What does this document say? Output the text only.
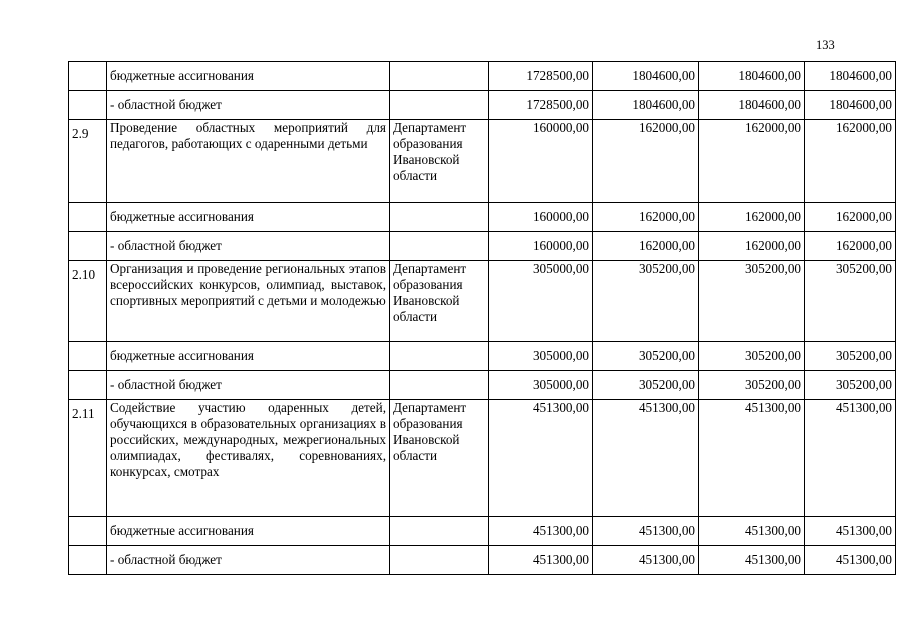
133
	бюджетные ассигнования		1728500,00	1804600,00	1804600,00	1804600,00
	- областной бюджет		1728500,00	1804600,00	1804600,00	1804600,00
2.9	Проведение областных мероприятий для педагогов, работающих с одаренными детьми	Департамент образования Ивановской области	160000,00	162000,00	162000,00	162000,00
	бюджетные ассигнования		160000,00	162000,00	162000,00	162000,00
	- областной бюджет		160000,00	162000,00	162000,00	162000,00
2.10	Организация и проведение региональных этапов всероссийских конкурсов, олимпиад, выставок, спортивных мероприятий с детьми и молодежью	Департамент образования Ивановской области	305000,00	305200,00	305200,00	305200,00
	бюджетные ассигнования		305000,00	305200,00	305200,00	305200,00
	- областной бюджет		305000,00	305200,00	305200,00	305200,00
2.11	Содействие участию одаренных детей, обучающихся в образовательных организациях в российских, международных, межрегиональных олимпиадах, фестивалях, соревнованиях, конкурсах, смотрах	Департамент образования Ивановской области	451300,00	451300,00	451300,00	451300,00
	бюджетные ассигнования		451300,00	451300,00	451300,00	451300,00
	- областной бюджет		451300,00	451300,00	451300,00	451300,00
